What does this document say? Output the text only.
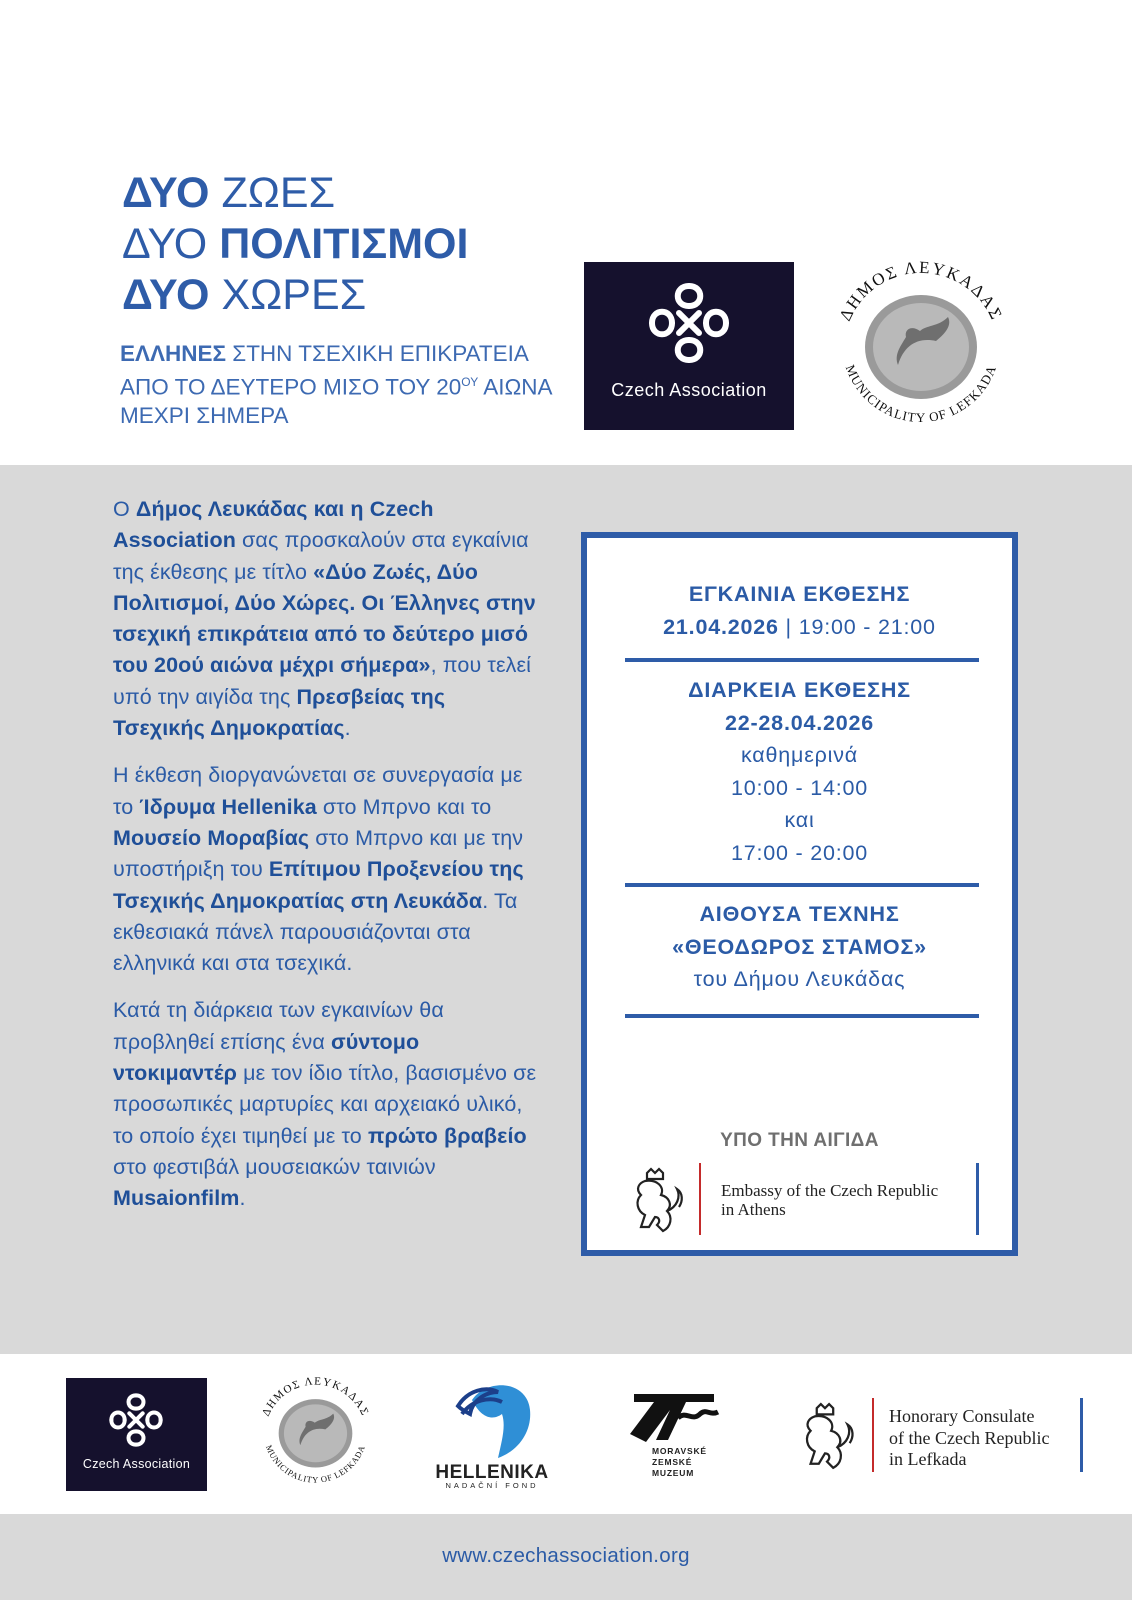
ΔΥΟ ΖΩΕΣ
ΔΥΟ ΠΟΛΙΤΙΣΜΟΙ
ΔΥΟ ΧΩΡΕΣ
ΕΛΛΗΝΕΣ ΣΤΗΝ ΤΣΕΧΙΚΗ ΕΠΙΚΡΑΤΕΙΑ
ΑΠΟ ΤΟ ΔΕΥΤΕΡΟ ΜΙΣΟ ΤΟΥ $20^{O\Upsilon}$ ΑΙΩΝΑ
ΜΕΧΡΙ ΣΗΜΕΡΑ
Czech Association
ΔΗΜΟΣ ΛΕΥΚΑΔΑΣ
MUNICIPALITY OF LEFKADA

Ο Δήμος Λευκάδας και η Czech Association σας προσκαλούν στα εγκαίνια της έκθεσης με τίτλο «Δύο Ζωές, Δύο Πολιτισμοί, Δύο Χώρες. Οι Έλληνες στην τσεχική επικράτεια από το δεύτερο μισό του 20ού αιώνα μέχρι σήμερα», που τελεί υπό την αιγίδα της Πρεσβείας της Τσεχικής Δημοκρατίας.

Η έκθεση διοργανώνεται σε συνεργασία με το Ίδρυμα Hellenika στο Μπρνο και το Μουσείο Μοραβίας στο Μπρνο και με την υποστήριξη του Επίτιμου Προξενείου της Τσεχικής Δημοκρατίας στη Λευκάδα. Τα εκθεσιακά πάνελ παρουσιάζονται στα ελληνικά και στα τσεχικά.

Κατά τη διάρκεια των εγκαινίων θα προβληθεί επίσης ένα σύντομο ντοκιμαντέρ με τον ίδιο τίτλο, βασισμένο σε προσωπικές μαρτυρίες και αρχειακό υλικό, το οποίο έχει τιμηθεί με το πρώτο βραβείο στο φεστιβάλ μουσειακών ταινιών Musaionfilm.

ΕΓΚΑΙΝΙΑ ΕΚΘΕΣΗΣ
21.04.2026 | 19:00 - 21:00
ΔΙΑΡΚΕΙΑ ΕΚΘΕΣΗΣ
22-28.04.2026
καθημερινά
10:00 - 14:00
και
17:00 - 20:00
ΑΙΘΟΥΣΑ ΤΕΧΝΗΣ
«ΘΕΟΔΩΡΟΣ ΣΤΑΜΟΣ»
του Δήμου Λευκάδας
ΥΠΟ ΤΗΝ ΑΙΓΙΔΑ
Embassy of the Czech Republic
in Athens
Czech Association
ΔΗΜΟΣ ΛΕΥΚΑΔΑΣ
MUNICIPALITY OF LEFKADA
HELLENIKA
NADAČNÍ FOND
MORAVSKÉ
ZEMSKÉ
MUZEUM
Honorary Consulate
of the Czech Republic
in Lefkada
www.czechassociation.org
